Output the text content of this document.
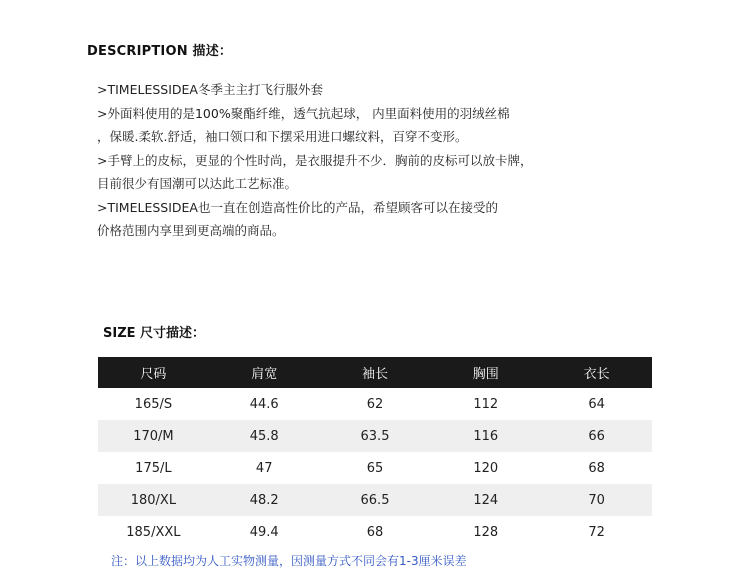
DESCRIPTION 描述：
>TIMELESSIDEA冬季主主打飞行服外套
>外面料使用的是100%聚酯纤维，透气抗起球， 内里面料使用的羽绒丝棉
，保暖.柔软.舒适，袖口领口和下摆采用进口螺纹料，百穿不变形。
>手臂上的皮标，更显的个性时尚，是衣服提升不少．胸前的皮标可以放卡牌，
目前很少有国潮可以达此工艺标准。
>TIMELESSIDEA也一直在创造高性价比的产品，希望顾客可以在接受的
价格范围内享里到更高端的商品。
SIZE 尺寸描述：
尺码	肩宽	袖长	胸围	衣长
165/S	44.6	62	112	64
170/M	45.8	63.5	116	66
175/L	47	65	120	68
180/XL	48.2	66.5	124	70
185/XXL	49.4	68	128	72
注：以上数据均为人工实物测量，因测量方式不同会有1-3厘米误差
